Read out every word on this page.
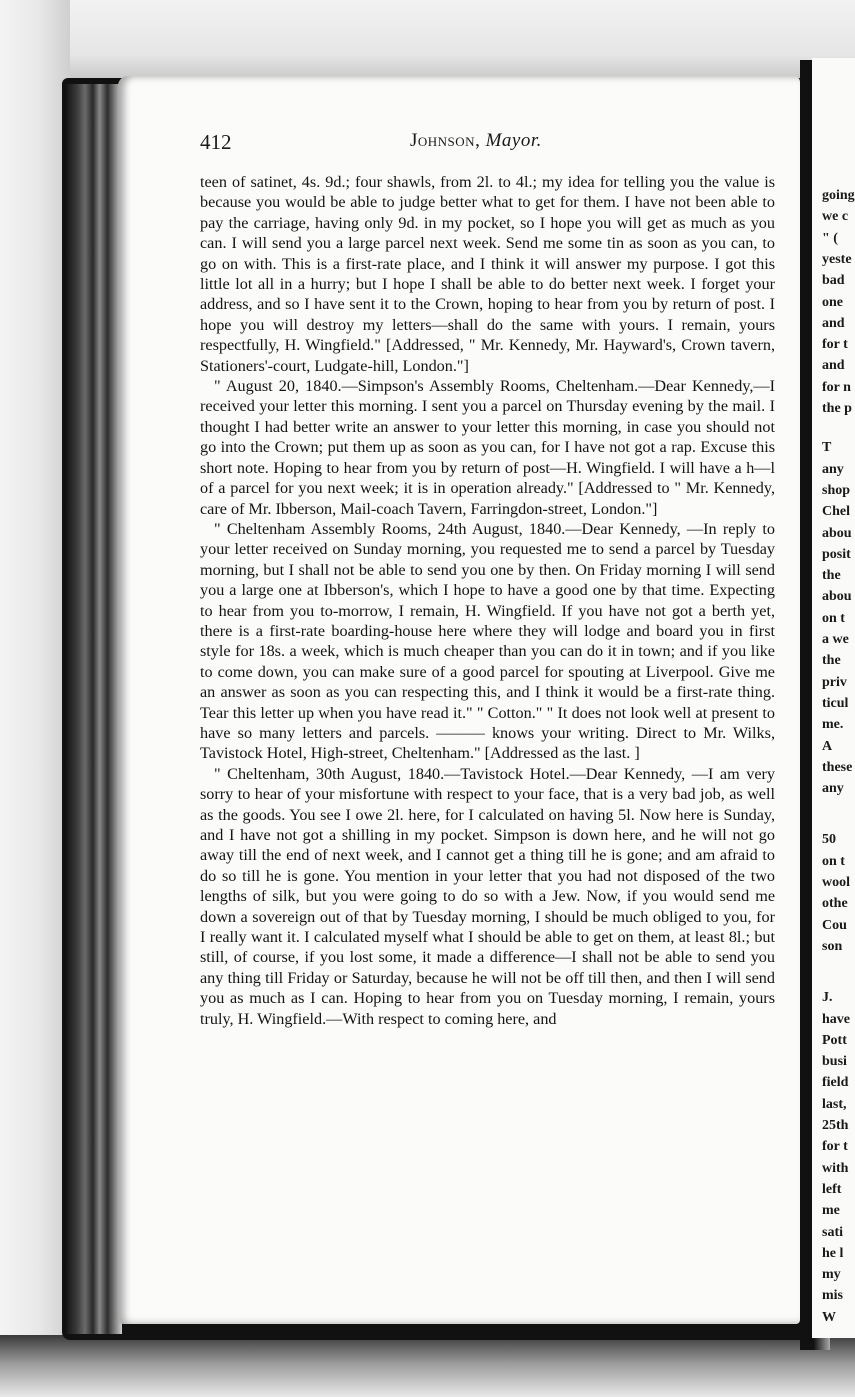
going
we c
" (
yeste
bad
one
and
for t
and
for n
the p
T
any
shop
Chel
abou
posit
the
abou
on t
a we
the
priv
ticul
me.
A
these
any
50
on t
wool
othe
Cou
son
J.
have
Pott
busi
field
last,
25th
for t
with
left
me
sati
he l
my
mis
W
412	Johnson, Mayor.

teen of satinet, 4s. 9d.; four shawls, from 2l. to 4l.; my idea for telling you the value is because you would be able to judge better what to get for them. I have not been able to pay the carriage, having only 9d. in my pocket, so I hope you will get as much as you can. I will send you a large parcel next week. Send me some tin as soon as you can, to go on with. This is a first-rate place, and I think it will answer my purpose. I got this little lot all in a hurry; but I hope I shall be able to do better next week. I forget your address, and so I have sent it to the Crown, hoping to hear from you by return of post. I hope you will destroy my letters—shall do the same with yours. I remain, yours respectfully, H. Wingfield." [Addressed, " Mr. Kennedy, Mr. Hayward's, Crown tavern, Stationers'-court, Ludgate-hill, London."]

" August 20, 1840.—Simpson's Assembly Rooms, Cheltenham.—Dear Kennedy,—I received your letter this morning. I sent you a parcel on Thursday evening by the mail. I thought I had better write an answer to your letter this morning, in case you should not go into the Crown; put them up as soon as you can, for I have not got a rap. Excuse this short note. Hoping to hear from you by return of post—H. Wingfield. I will have a h—l of a parcel for you next week; it is in operation already." [Addressed to " Mr. Kennedy, care of Mr. Ibberson, Mail-coach Tavern, Farringdon-street, London."]

" Cheltenham Assembly Rooms, 24th August, 1840.—Dear Kennedy, —In reply to your letter received on Sunday morning, you requested me to send a parcel by Tuesday morning, but I shall not be able to send you one by then. On Friday morning I will send you a large one at Ibberson's, which I hope to have a good one by that time. Expecting to hear from you to-morrow, I remain, H. Wingfield. If you have not got a berth yet, there is a first-rate boarding-house here where they will lodge and board you in first style for 18s. a week, which is much cheaper than you can do it in town; and if you like to come down, you can make sure of a good parcel for spouting at Liverpool. Give me an answer as soon as you can respecting this, and I think it would be a first-rate thing. Tear this letter up when you have read it." " Cotton." " It does not look well at present to have so many letters and parcels. ——— knows your writing. Direct to Mr. Wilks, Tavistock Hotel, High-street, Cheltenham." [Addressed as the last. ]

" Cheltenham, 30th August, 1840.—Tavistock Hotel.—Dear Kennedy, —I am very sorry to hear of your misfortune with respect to your face, that is a very bad job, as well as the goods. You see I owe 2l. here, for I calculated on having 5l. Now here is Sunday, and I have not got a shilling in my pocket. Simpson is down here, and he will not go away till the end of next week, and I cannot get a thing till he is gone; and am afraid to do so till he is gone. You mention in your letter that you had not disposed of the two lengths of silk, but you were going to do so with a Jew. Now, if you would send me down a sovereign out of that by Tuesday morning, I should be much obliged to you, for I really want it. I calculated myself what I should be able to get on them, at least 8l.; but still, of course, if you lost some, it made a difference—I shall not be able to send you any thing till Friday or Saturday, because he will not be off till then, and then I will send you as much as I can. Hoping to hear from you on Tuesday morning, I remain, yours truly, H. Wingfield.—With respect to coming here, and
